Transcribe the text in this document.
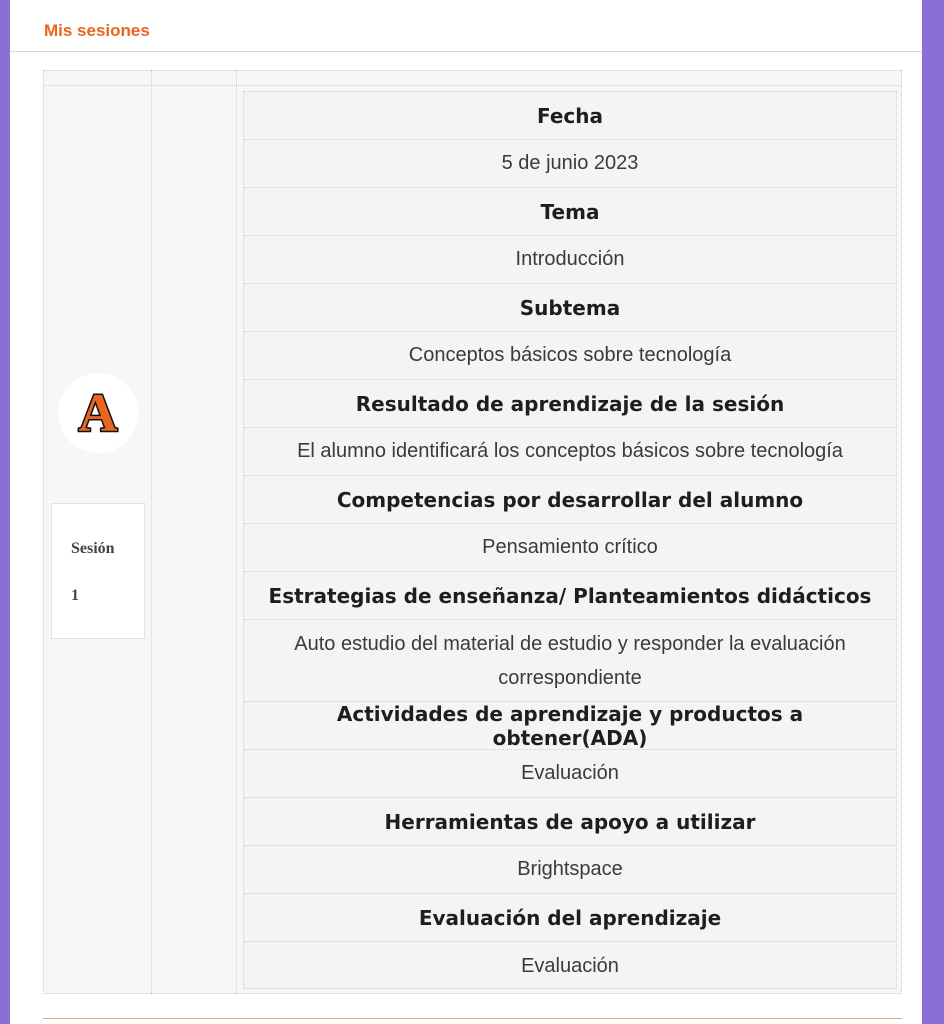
Mis sesiones
A
Sesión
1
Fecha
5 de junio 2023
Tema
Introducción
Subtema
Conceptos básicos sobre tecnología
Resultado de aprendizaje de la sesión
El alumno identificará los conceptos básicos sobre tecnología
Competencias por desarrollar del alumno
Pensamiento crítico
Estrategias de enseñanza/ Planteamientos didácticos
Auto estudio del material de estudio y responder la evaluación correspondiente
Actividades de aprendizaje y productos a obtener(ADA)
Evaluación
Herramientas de apoyo a utilizar
Brightspace
Evaluación del aprendizaje
Evaluación
